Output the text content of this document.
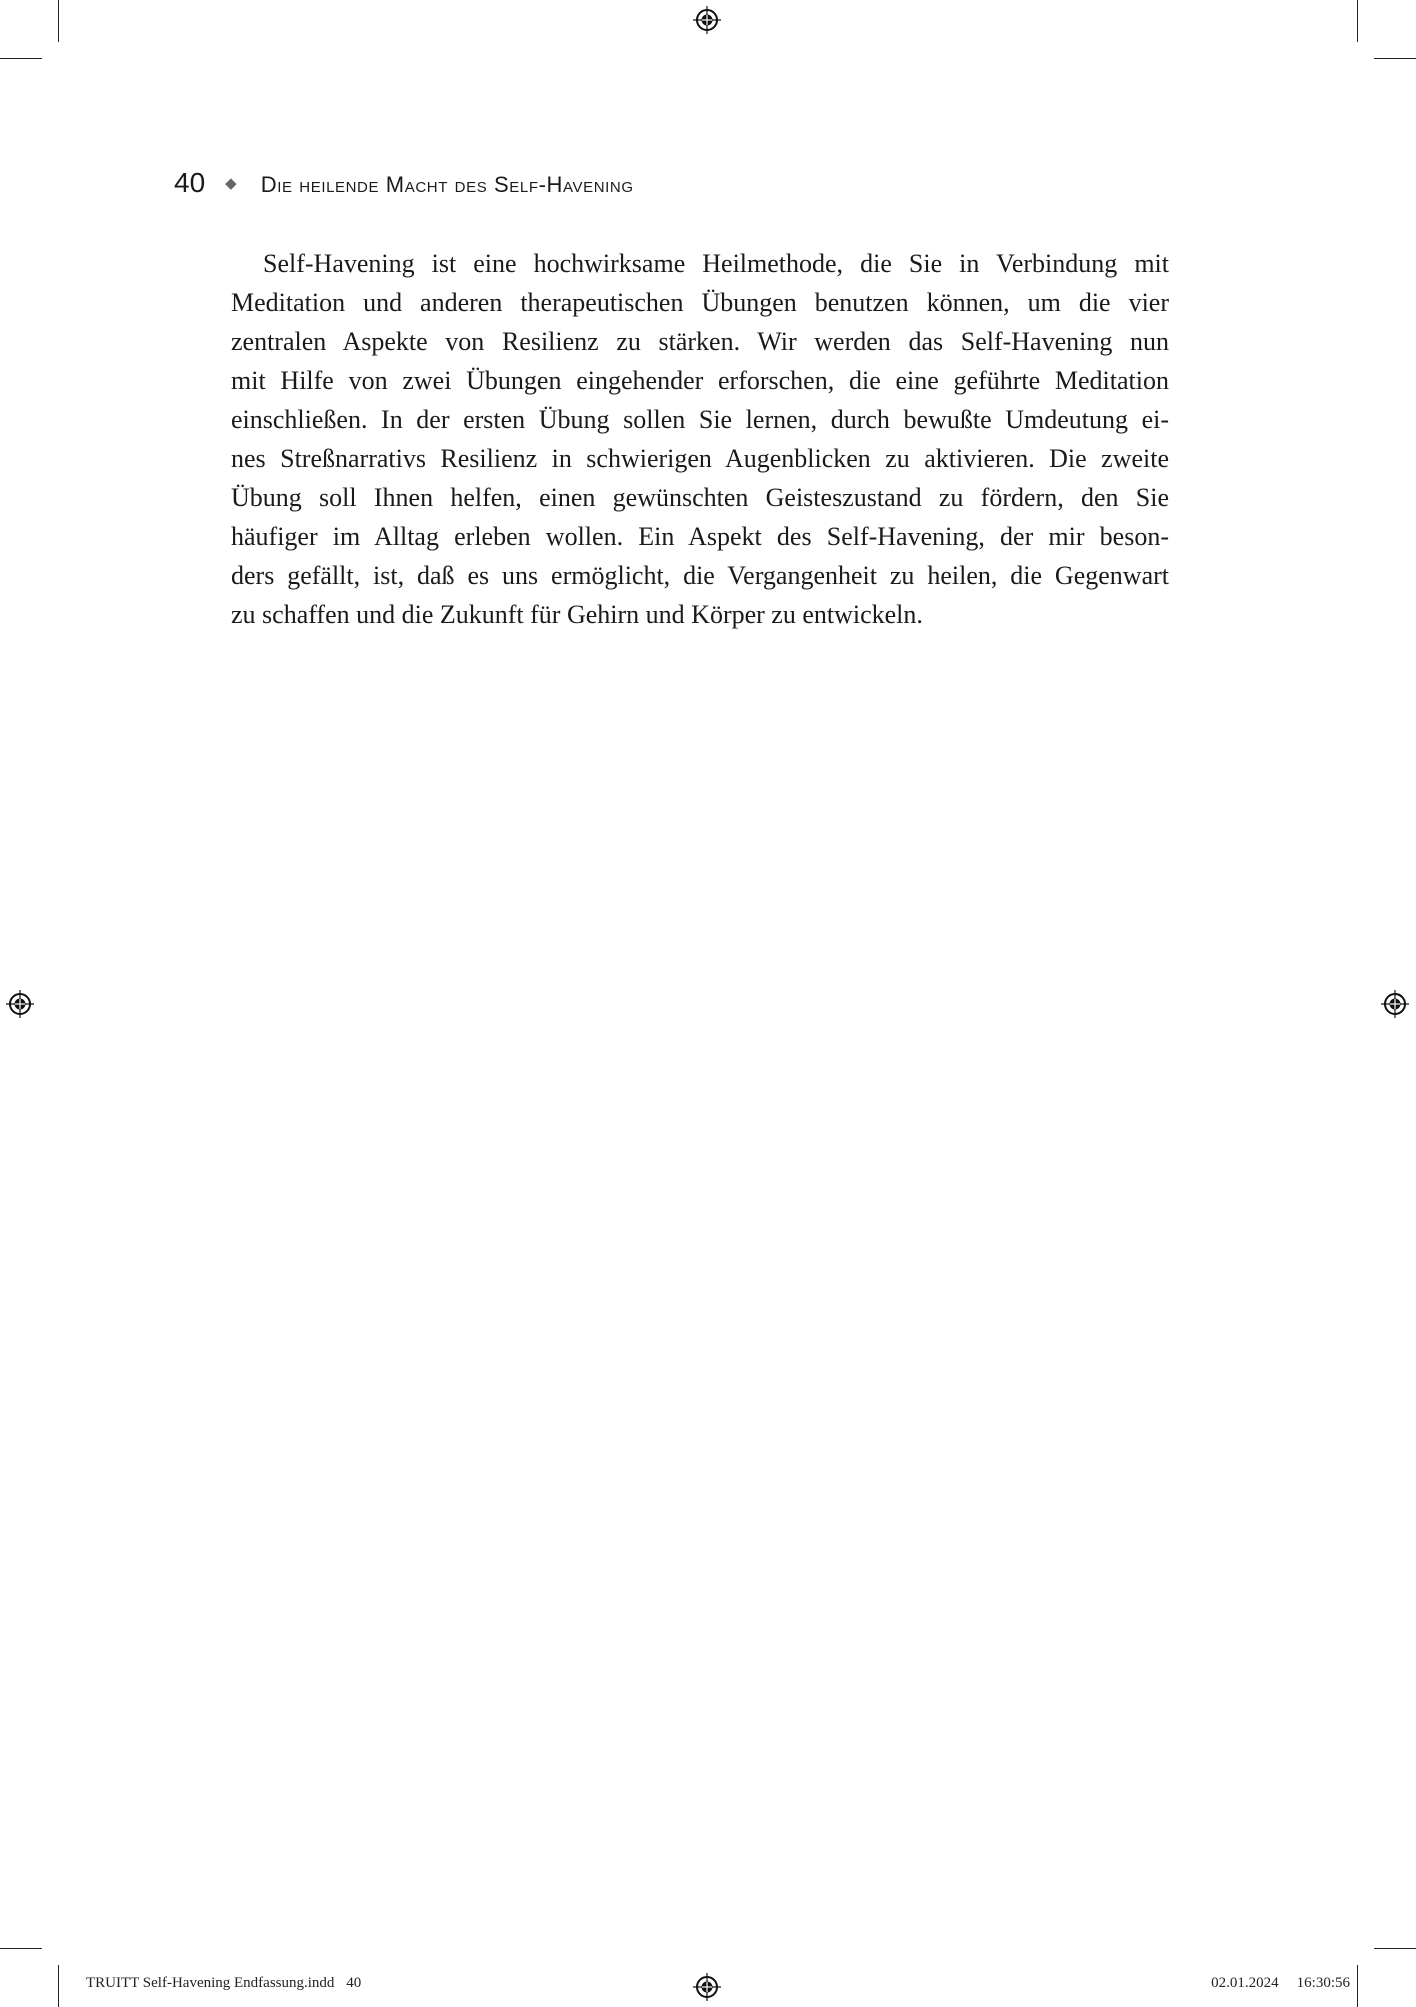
40 ◆ Die heilende Macht des Self-Havening
Self-Havening ist eine hochwirksame Heilmethode, die Sie in Verbindung mit
Meditation und anderen therapeutischen Übungen benutzen können, um die vier
zentralen Aspekte von Resilienz zu stärken. Wir werden das Self-Havening nun
mit Hilfe von zwei Übungen eingehender erforschen, die eine geführte Meditation
einschließen. In der ersten Übung sollen Sie lernen, durch bewußte Umdeutung ei-
nes Streßnarrativs Resilienz in schwierigen Augenblicken zu aktivieren. Die zweite
Übung soll Ihnen helfen, einen gewünschten Geisteszustand zu fördern, den Sie
häufiger im Alltag erleben wollen. Ein Aspekt des Self-Havening, der mir beson-
ders gefällt, ist, daß es uns ermöglicht, die Vergangenheit zu heilen, die Gegenwart
zu schaffen und die Zukunft für Gehirn und Körper zu entwickeln.
TRUITT Self-Havening Endfassung.indd 40	02.01.2024 16:30:56
